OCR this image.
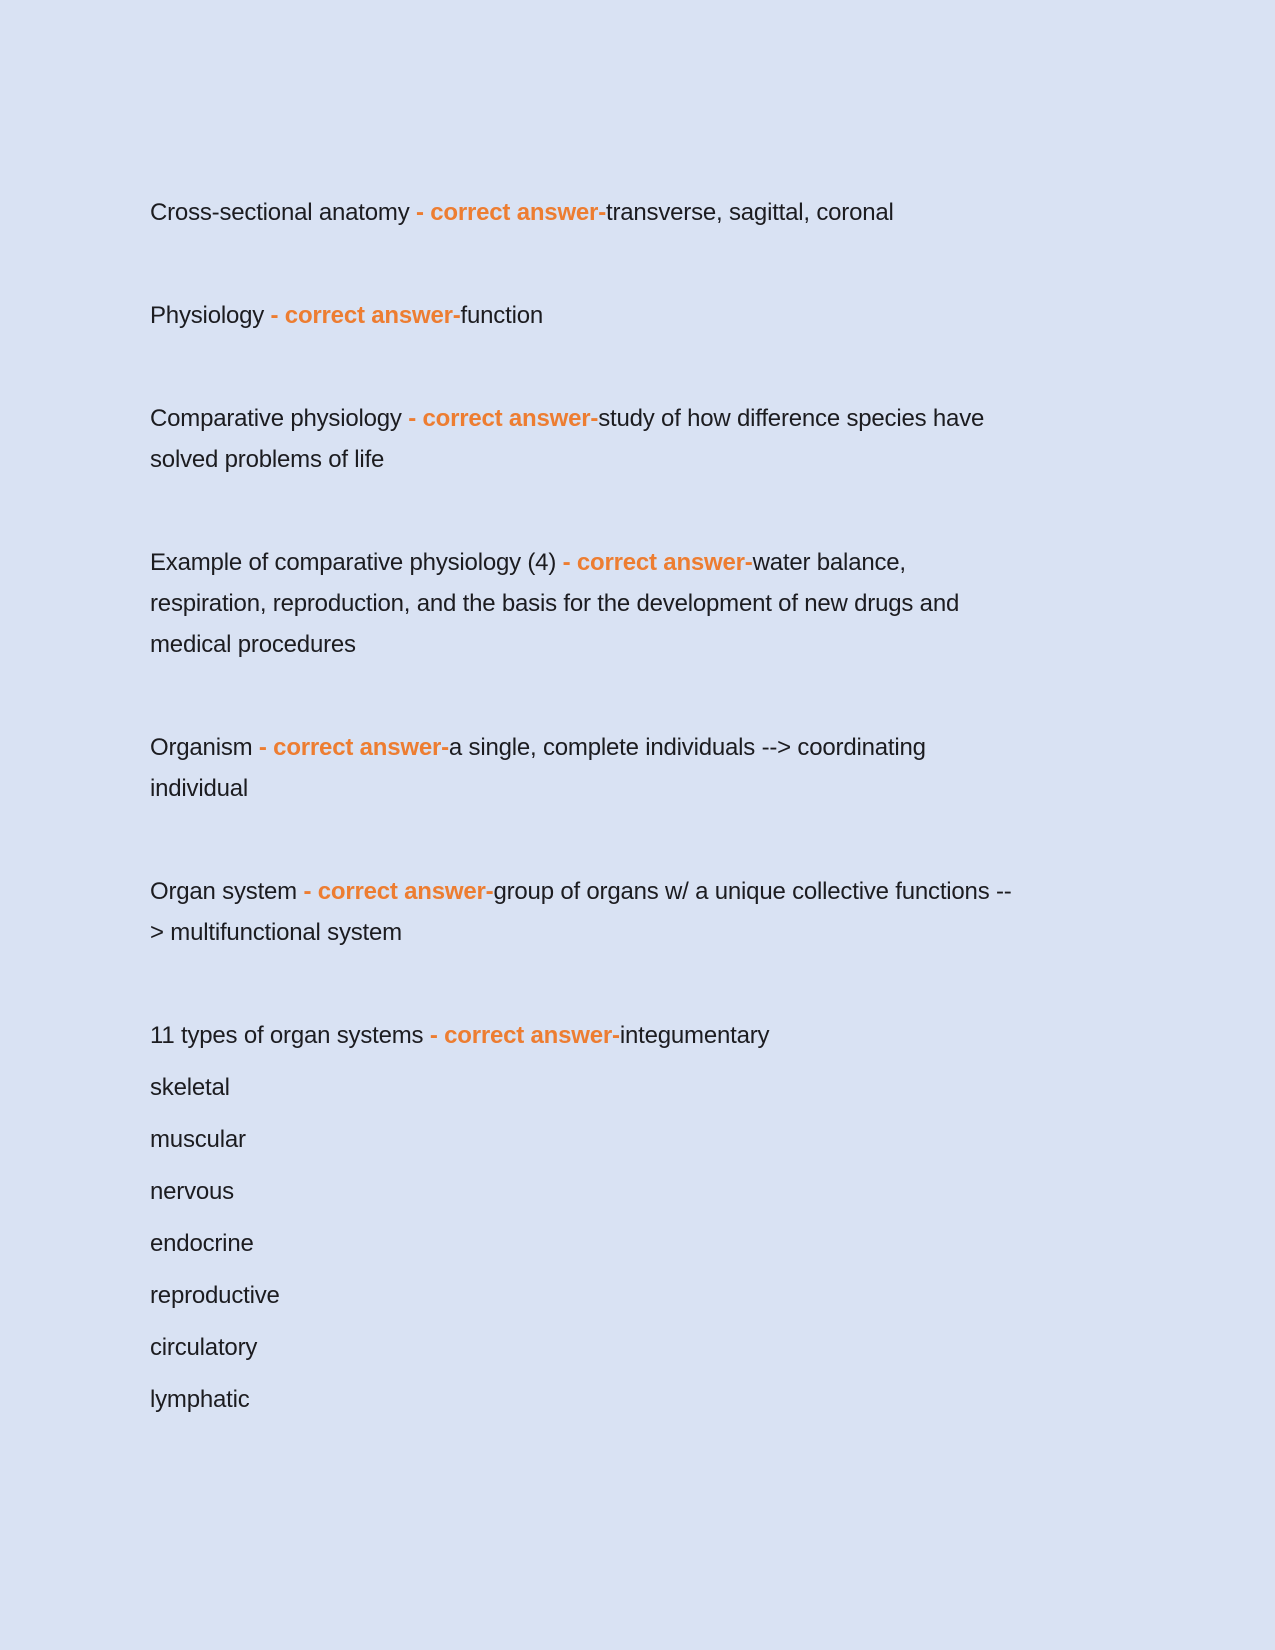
Cross-sectional anatomy - correct answer-transverse, sagittal, coronal
Physiology - correct answer-function
Comparative physiology - correct answer-study of how difference species have
solved problems of life
Example of comparative physiology (4) - correct answer-water balance,
respiration, reproduction, and the basis for the development of new drugs and
medical procedures
Organism - correct answer-a single, complete individuals --> coordinating
individual
Organ system - correct answer-group of organs w/ a unique collective functions --
> multifunctional system
11 types of organ systems - correct answer-integumentary
skeletal
muscular
nervous
endocrine
reproductive
circulatory
lymphatic
